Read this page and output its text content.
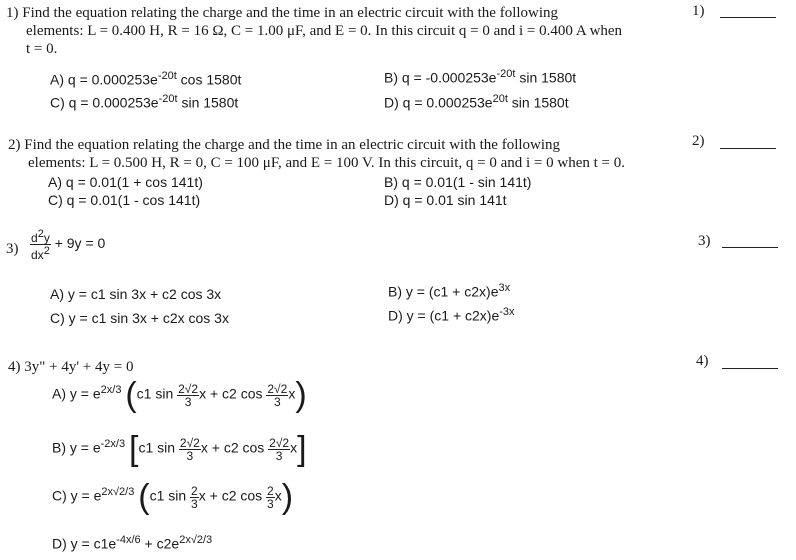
1)
2)
3)
4)
1) Find the equation relating the charge and the time in an electric circuit with the following
elements: L = 0.400 H, R = 16 Ω, C = 1.00 μF, and E = 0. In this circuit q = 0 and i = 0.400 A when
t = 0.
A) $q = 0.000253e^{-20t}$ cos 1580t	B) $q = -0.000253e^{-20t}$ sin 1580t
C) $q = 0.000253e^{-20t}$ sin 1580t	D) $q = 0.000253e^{20t}$ sin 1580t
2) Find the equation relating the charge and the time in an electric circuit with the following
elements: L = 0.500 H, R = 0, C = 100 μF, and E = 100 V. In this circuit, q = 0 and i = 0 when t = 0.
A) q = 0.01(1 + cos 141t)	B) q = 0.01(1 - sin 141t)
C) q = 0.01(1 - cos 141t)	D) q = 0.01 sin 141t
$3) \frac{d^2y}{dx^2} + 9y = 0$
A) y = c1 sin 3x + c2 cos 3x	B) $y = (c1 + c2x)e^{3x}$
C) y = c1 sin 3x + c2x cos 3x	D) $y = (c1 + c2x)e^{-3x}$
4) 3y" + 4y' + 4y = 0
A) $y = e^{2x/3}$ (c1 $\sin \frac{2√2}{3}$ x + c2 $\cos \frac{2√2}{3} x$)
B) $y = e^{-2x/3}$ [c1 $\sin \frac{2√2}{3}$ x + c2 $\cos \frac{2√2}{3} x$]
C) $y = e^{2x√2/3}$ (c1 $\sin \frac{2}{3}$ x + c2 $\cos \frac{2}{3} x$)
D) $y = c1e^{-4x/6} + c2e^{2x√2/3}$
